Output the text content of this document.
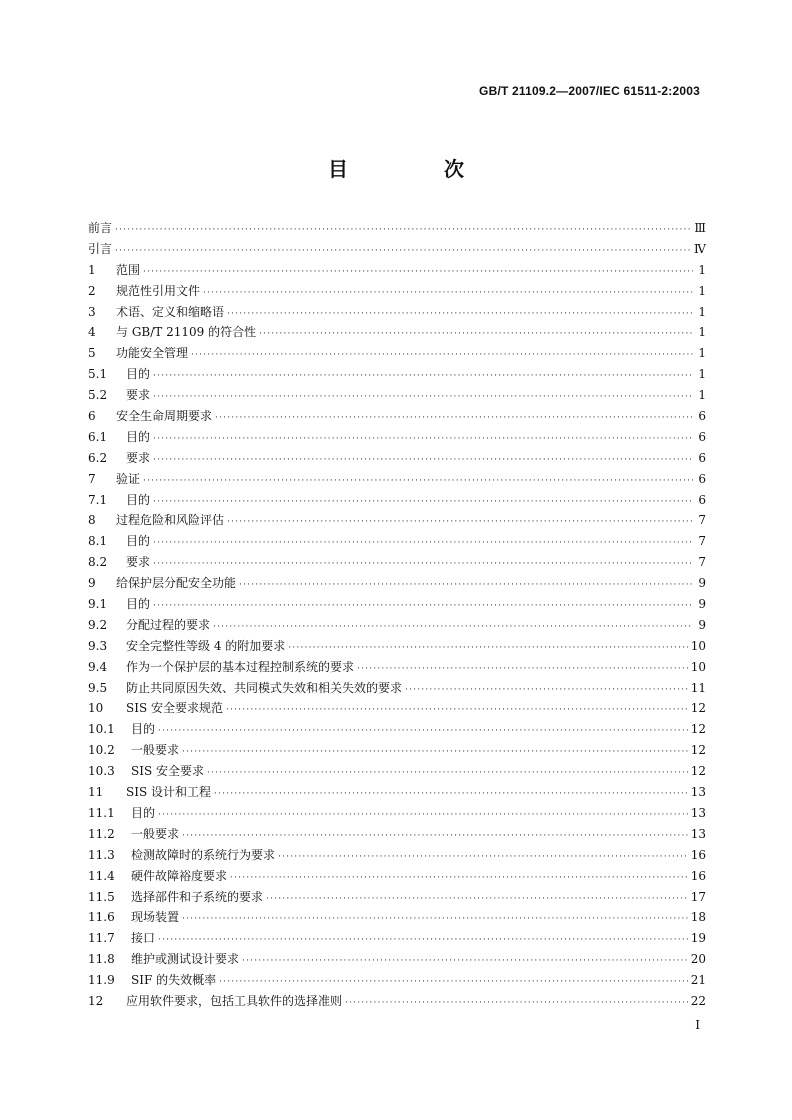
GB/T 21109.2—2007/IEC 61511-2:2003
目　次
前言 ·····	Ⅲ
引言 ·····	Ⅳ
1	范围 ·····	1
2	规范性引用文件 ·····	1
3	术语、定义和缩略语 ·····	1
4	与 GB/T 21109 的符合性 ·····	1
5	功能安全管理 ·····	1
5.1	目的 ·····	1
5.2	要求 ·····	1
6	安全生命周期要求 ·····	6
6.1	目的 ·····	6
6.2	要求 ·····	6
7	验证 ·····	6
7.1	目的 ·····	6
8	过程危险和风险评估 ·····	7
8.1	目的 ·····	7
8.2	要求 ·····	7
9	给保护层分配安全功能 ·····	9
9.1	目的 ·····	9
9.2	分配过程的要求 ·····	9
9.3	安全完整性等级 4 的附加要求 ·····	10
9.4	作为一个保护层的基本过程控制系统的要求 ·····	10
9.5	防止共同原因失效、共同模式失效和相关失效的要求 ·····	11
10	SIS 安全要求规范 ·····	12
10.1	目的 ·····	12
10.2	一般要求 ·····	12
10.3	SIS 安全要求 ·····	12
11	SIS 设计和工程 ·····	13
11.1	目的 ·····	13
11.2	一般要求 ·····	13
11.3	检测故障时的系统行为要求 ·····	16
11.4	硬件故障裕度要求 ·····	16
11.5	选择部件和子系统的要求 ·····	17
11.6	现场装置 ·····	18
11.7	接口 ·····	19
11.8	维护或测试设计要求 ·····	20
11.9	SIF 的失效概率 ·····	21
12	应用软件要求，包括工具软件的选择准则 ·····	22
I
